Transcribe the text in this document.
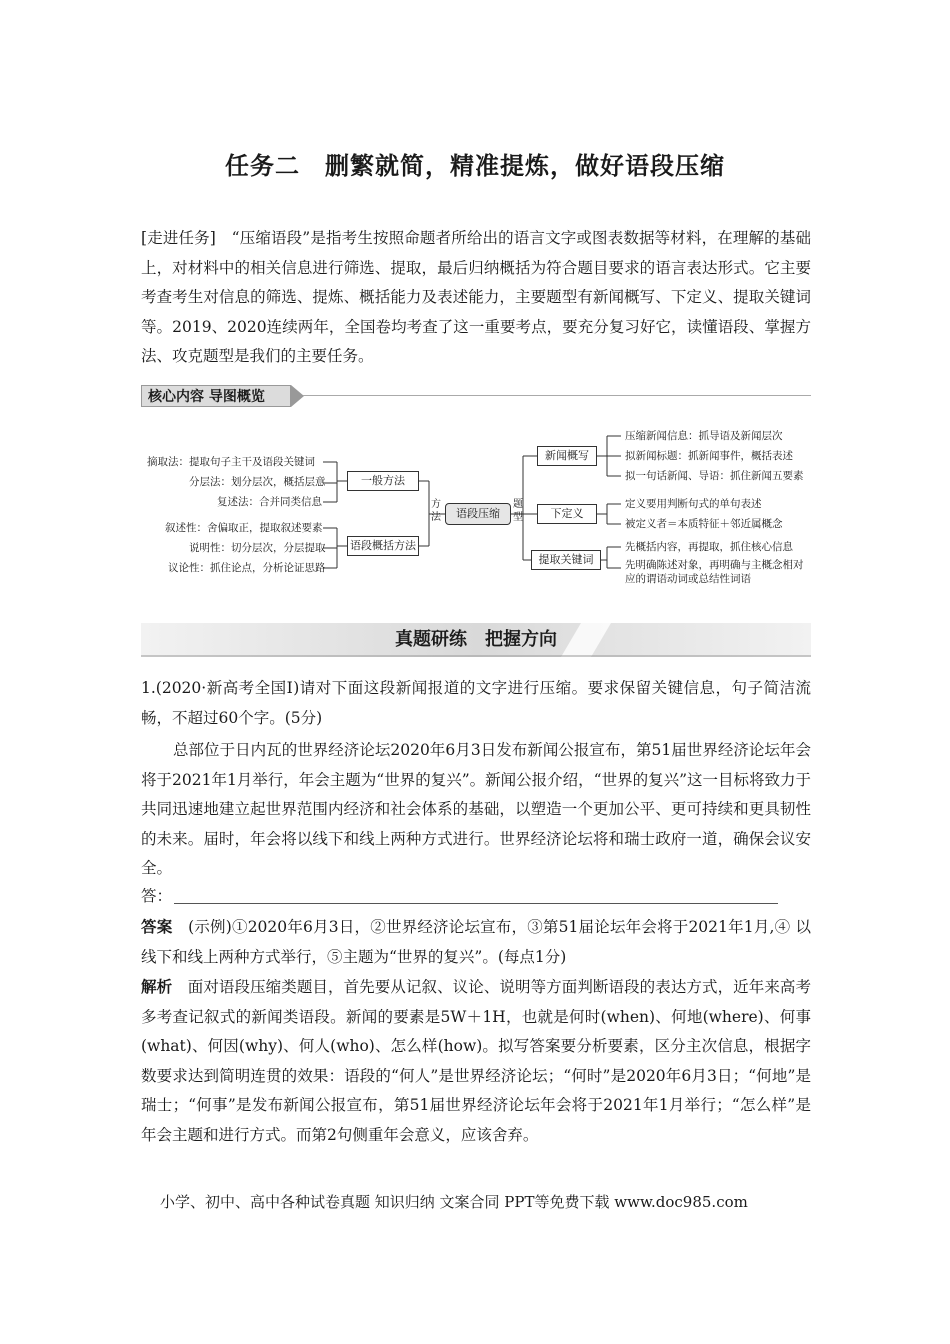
任务二　删繁就简，精准提炼，做好语段压缩
[走进任务]　“压缩语段”是指考生按照命题者所给出的语言文字或图表数据等材料，在理解的基础上，对材料中的相关信息进行筛选、提取，最后归纳概括为符合题目要求的语言表达形式。它主要考查考生对信息的筛选、提炼、概括能力及表述能力，主要题型有新闻概写、下定义、提取关键词等。2019、2020连续两年，全国卷均考查了这一重要考点，要充分复习好它，读懂语段、掌握方法、攻克题型是我们的主要任务。
核心内容 导图概览
摘取法：提取句子主干及语段关键词
分层法：划分层次，概括层意
复述法：合并同类信息
叙述性：舍偏取正，提取叙述要素
说明性：切分层次，分层提取
议论性：抓住论点，分析论证思路
一般方法
语段概括方法
方法
题型
语段压缩
新闻概写
下定义
提取关键词
压缩新闻信息：抓导语及新闻层次
拟新闻标题：抓新闻事件，概括表述
拟一句话新闻、导语：抓住新闻五要素
定义要用判断句式的单句表述
被定义者＝本质特征＋邻近属概念
先概括内容，再提取，抓住核心信息
先明确陈述对象，再明确与主概念相对
应的谓语动词或总结性词语
真题研练　把握方向
1.(2020·新高考全国Ⅰ)请对下面这段新闻报道的文字进行压缩。要求保留关键信息，句子简洁流畅，不超过60个字。(5分)
总部位于日内瓦的世界经济论坛2020年6月3日发布新闻公报宣布，第51届世界经济论坛年会将于2021年1月举行，年会主题为“世界的复兴”。新闻公报介绍，“世界的复兴”这一目标将致力于共同迅速地建立起世界范围内经济和社会体系的基础，以塑造一个更加公平、更可持续和更具韧性的未来。届时，年会将以线下和线上两种方式进行。世界经济论坛将和瑞士政府一道，确保会议安全。
答：
答案　(示例)①2020年6月3日，②世界经济论坛宣布，③第51届论坛年会将于2021年1月,④ 以线下和线上两种方式举行，⑤主题为“世界的复兴”。(每点1分)
解析　面对语段压缩类题目，首先要从记叙、议论、说明等方面判断语段的表达方式，近年来高考多考查记叙式的新闻类语段。新闻的要素是5W＋1H，也就是何时(when)、何地(where)、何事(what)、何因(why)、何人(who)、怎么样(how)。拟写答案要分析要素，区分主次信息，根据字数要求达到简明连贯的效果：语段的“何人”是世界经济论坛；“何时”是2020年6月3日；“何地”是瑞士；“何事”是发布新闻公报宣布，第51届世界经济论坛年会将于2021年1月举行；“怎么样”是年会主题和进行方式。而第2句侧重年会意义，应该舍弃。
小学、初中、高中各种试卷真题 知识归纳 文案合同 PPT等免费下载 www.doc985.com
